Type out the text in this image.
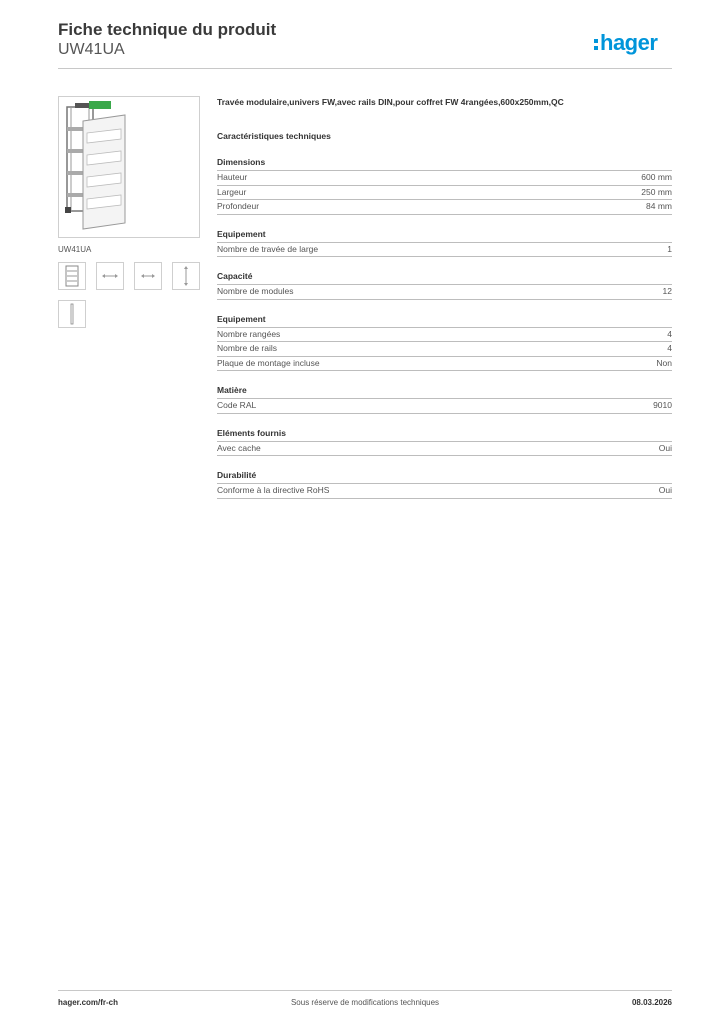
Fiche technique du produit
UW41UA	hager
UW41UA
Travée modulaire,univers FW,avec rails DIN,pour coffret FW 4rangées,600x250mm,QC
Caractéristiques techniques
Dimensions
Hauteur	600 mm
Largeur	250 mm
Profondeur	84 mm
Equipement
Nombre de travée de large	1
Capacité
Nombre de modules	12
Equipement
Nombre rangées	4
Nombre de rails	4
Plaque de montage incluse	Non
Matière
Code RAL	9010
Eléments fournis
Avec cache	Oui
Durabilité
Conforme à la directive RoHS	Oui
hager.com/fr-ch	Sous réserve de modifications techniques	08.03.2026
